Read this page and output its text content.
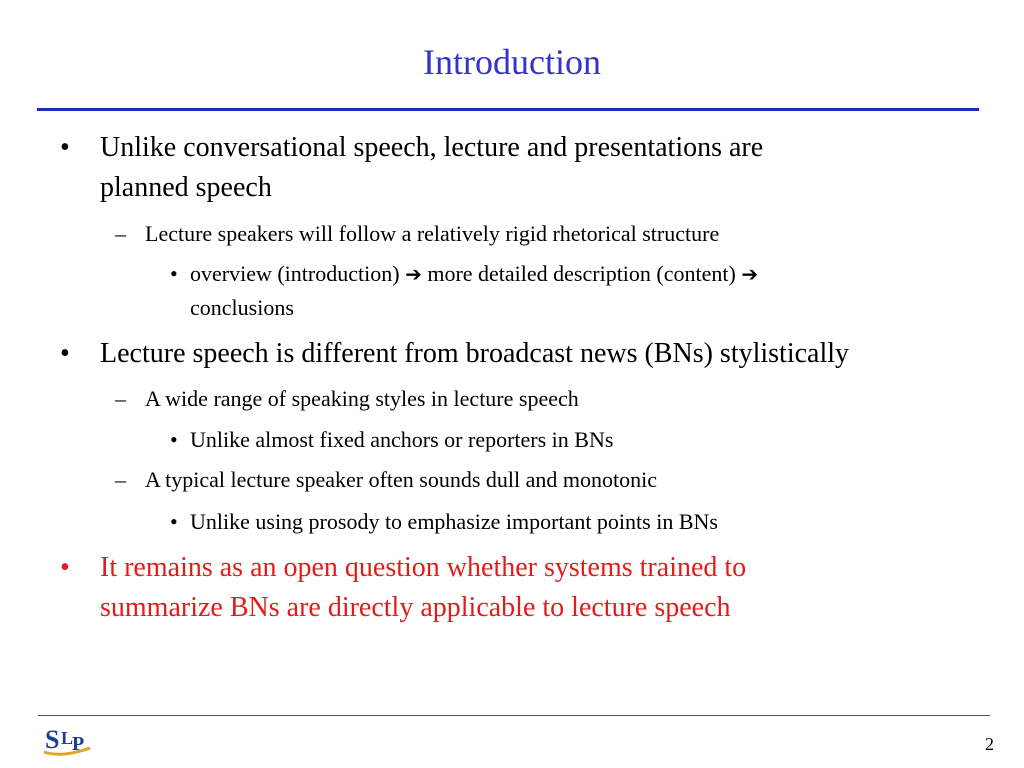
Introduction
• Unlike conversational speech, lecture and presentations are
planned speech
– Lecture speakers will follow a relatively rigid rhetorical structure
• overview (introduction) ➔ more detailed description (content) ➔
conclusions
• Lecture speech is different from broadcast news (BNs) stylistically
– A wide range of speaking styles in lecture speech
• Unlike almost fixed anchors or reporters in BNs
– A typical lecture speaker often sounds dull and monotonic
• Unlike using prosody to emphasize important points in BNs
• It remains as an open question whether systems trained to
summarize BNs are directly applicable to lecture speech
S L
P	2
